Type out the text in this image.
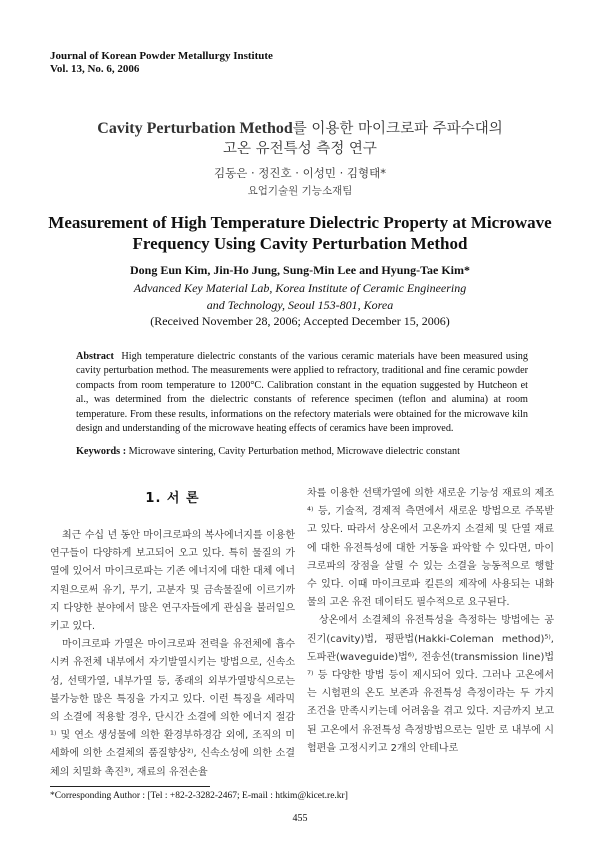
Journal of Korean Powder Metallurgy Institute
Vol. 13, No. 6, 2006
Cavity Perturbation Method를 이용한 마이크로파 주파수대의
고온 유전특성 측정 연구
김동은 · 정진호 · 이성민 · 김형태*
요업기술원 기능소재팀
Measurement of High Temperature Dielectric Property at Microwave
Frequency Using Cavity Perturbation Method
Dong Eun Kim, Jin-Ho Jung, Sung-Min Lee and Hyung-Tae Kim*
Advanced Key Material Lab, Korea Institute of Ceramic Engineering
and Technology, Seoul 153-801, Korea
(Received November 28, 2006; Accepted December 15, 2006)
Abstract High temperature dielectric constants of the various ceramic materials have been measured using cavity perturbation method. The measurements were applied to refractory, traditional and fine ceramic powder compacts from room temperature to 1200°C. Calibration constant in the equation suggested by Hutcheon et al., was determined from the dielectric constants of reference specimen (teflon and alumina) at room temperature. From these results, informations on the refectory materials were obtained for the microwave kiln design and understanding of the microwave heating effects of ceramics have been improved.
Keywords : Microwave sintering, Cavity Perturbation method, Microwave dielectric constant
1. 서 론

최근 수십 년 동안 마이크로파의 복사에너지를 이용한 연구들이 다양하게 보고되어 오고 있다. 특히 물질의 가열에 있어서 마이크로파는 기존 에너지에 대한 대체 에너지원으로써 유기, 무기, 고분자 및 금속물질에 이르기까지 다양한 분야에서 많은 연구자들에게 관심을 불러일으키고 있다.

마이크로파 가열은 마이크로파 전력을 유전체에 흡수시켜 유전체 내부에서 자기발열시키는 방법으로, 신속소성, 선택가열, 내부가열 등, 종래의 외부가열방식으로는 불가능한 많은 특징을 가지고 있다. 이런 특징을 세라믹의 소결에 적용할 경우, 단시간 소결에 의한 에너지 절감¹⁾ 및 연소 생성물에 의한 환경부하경감 외에, 조직의 미세화에 의한 소결체의 품질향상²⁾, 신속소성에 의한 소결체의 치밀화 촉진³⁾, 재료의 유전손율

차를 이용한 선택가열에 의한 새로운 기능성 재료의 제조⁴⁾ 등, 기술적, 경제적 측면에서 새로운 방법으로 주목받고 있다. 따라서 상온에서 고온까지 소결체 및 단열 재료에 대한 유전특성에 대한 거동을 파악할 수 있다면, 마이크로파의 장점을 살릴 수 있는 소결을 능동적으로 행할 수 있다. 이때 마이크로파 킬른의 제작에 사용되는 내화물의 고온 유전 데이터도 필수적으로 요구된다.

상온에서 소결체의 유전특성을 측정하는 방법에는 공진기(cavity)법, 평판법(Hakki-Coleman method)⁵⁾, 도파관(waveguide)법⁶⁾, 전송선(transmission line)법⁷⁾ 등 다양한 방법 등이 제시되어 있다. 그러나 고온에서는 시험편의 온도 보존과 유전특성 측정이라는 두 가지 조건을 만족시키는데 어려움을 겪고 있다. 지금까지 보고된 고온에서 유전특성 측정방법으로는 일반 로 내부에 시험편을 고정시키고 2개의 안테나로

*Corresponding Author : [Tel : +82-2-3282-2467; E-mail : htkim@kicet.re.kr]
455
